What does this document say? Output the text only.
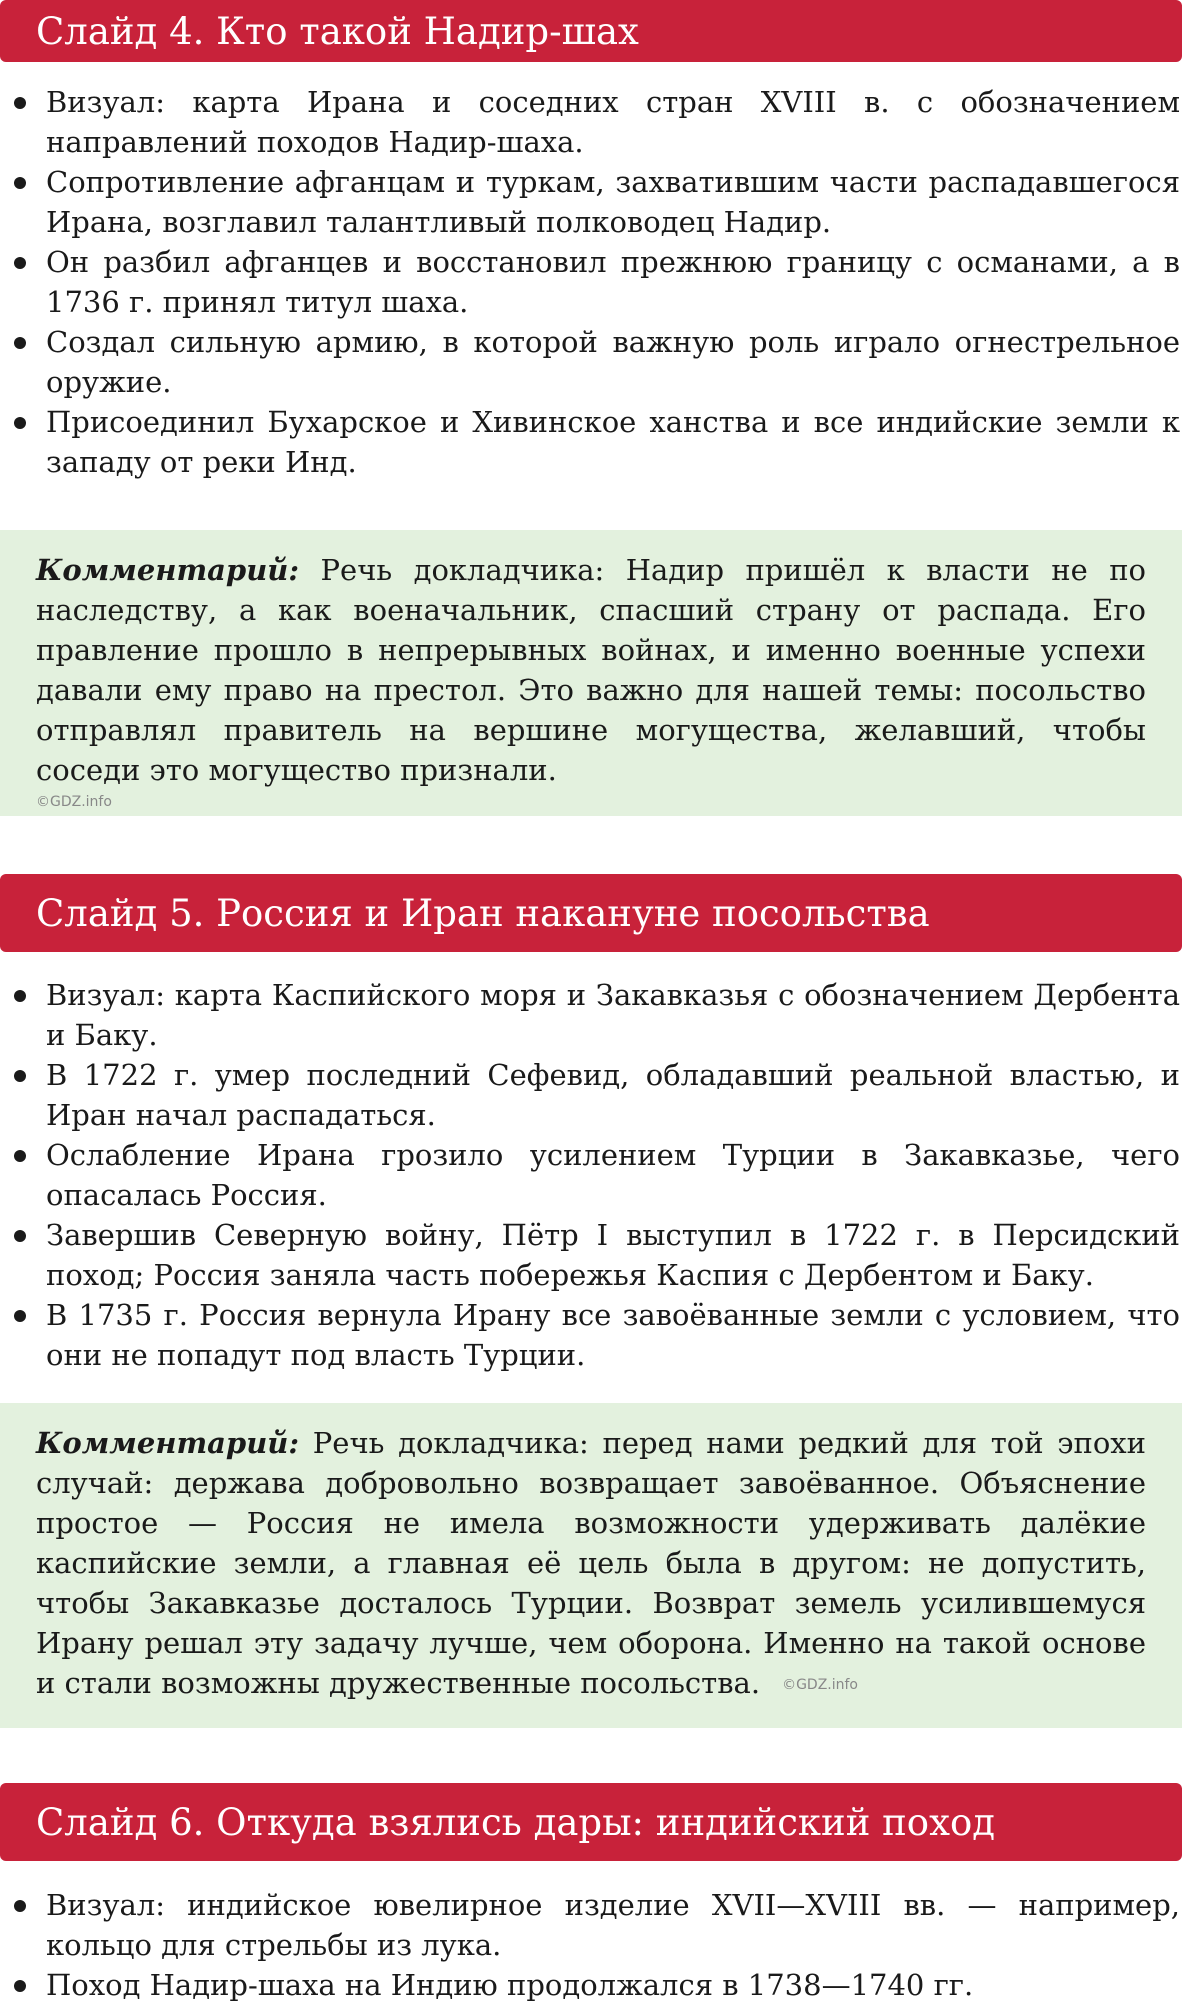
Слайд 4. Кто такой Надир-шах
Визуал: карта Ирана и соседних стран XVIII в. с обозначением направлений походов Надир-шаха.
Сопротивление афганцам и туркам, захватившим части распадавшегося Ирана, возглавил талантливый полководец Надир.
Он разбил афганцев и восстановил прежнюю границу с османами, а в 1736 г. принял титул шаха.
Создал сильную армию, в которой важную роль играло огнестрельное оружие.
Присоединил Бухарское и Хивинское ханства и все индийские земли к западу от реки Инд.

Комментарий: Речь докладчика: Надир пришёл к власти не по наследству, а как военачальник, спасший страну от распада. Его правление прошло в непрерывных войнах, и именно военные успехи давали ему право на престол. Это важно для нашей темы: посольство отправлял правитель на вершине могущества, желавший, чтобы соседи это могущество признали.

©GDZ.info
Слайд 5. Россия и Иран накануне посольства
Визуал: карта Каспийского моря и Закавказья с обозначением Дербента и Баку.
В 1722 г. умер последний Сефевид, обладавший реальной властью, и Иран начал распадаться.
Ослабление Ирана грозило усилением Турции в Закавказье, чего опасалась Россия.
Завершив Северную войну, Пётр I выступил в 1722 г. в Персидский поход; Россия заняла часть побережья Каспия с Дербентом и Баку.
В 1735 г. Россия вернула Ирану все завоёванные земли с условием, что они не попадут под власть Турции.

Комментарий: Речь докладчика: перед нами редкий для той эпохи случай: держава добровольно возвращает завоёванное. Объяснение простое — Россия не имела возможности удерживать далёкие каспийские земли, а главная её цель была в другом: не допустить, чтобы Закавказье досталось Турции. Возврат земель усилившемуся Ирану решал эту задачу лучше, чем оборона. Именно на такой основе и стали возможны дружественные посольства. ©GDZ.info

Слайд 6. Откуда взялись дары: индийский поход
Визуал: индийское ювелирное изделие XVII—XVIII вв. — например, кольцо для стрельбы из лука.
Поход Надир-шаха на Индию продолжался в 1738—1740 гг.
